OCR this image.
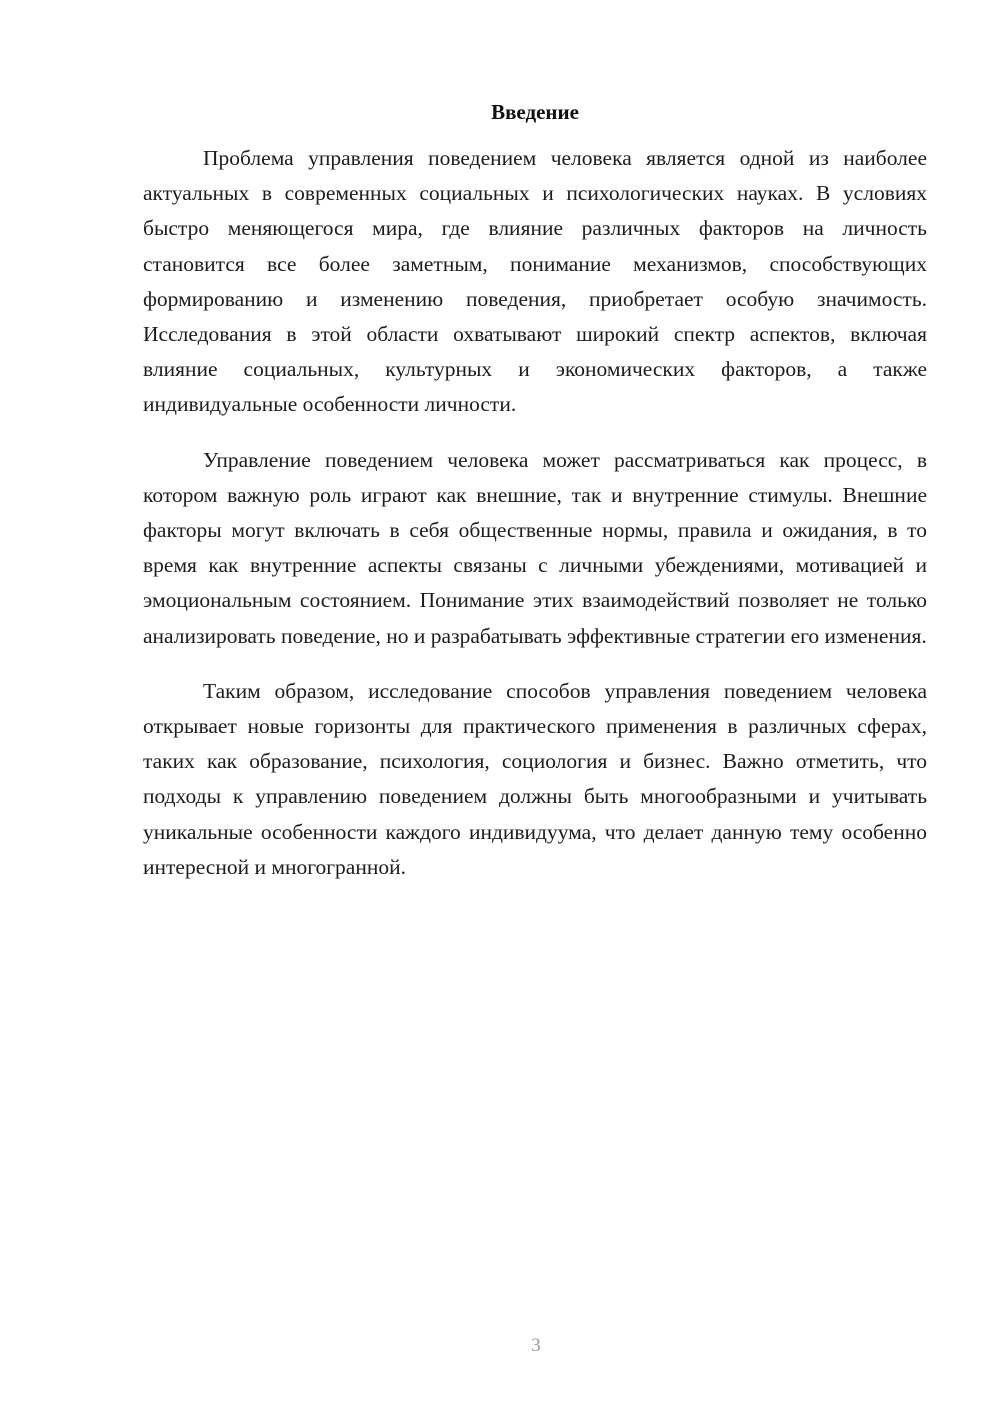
Введение

Проблема управления поведением человека является одной из наиболее актуальных в современных социальных и психологических науках. В условиях быстро меняющегося мира, где влияние различных факторов на личность становится все более заметным, понимание механизмов, способствующих формированию и изменению поведения, приобретает особую значимость. Исследования в этой области охватывают широкий спектр аспектов, включая влияние социальных, культурных и экономических факторов, а также индивидуальные особенности личности.

Управление поведением человека может рассматриваться как процесс, в котором важную роль играют как внешние, так и внутренние стимулы. Внешние факторы могут включать в себя общественные нормы, правила и ожидания, в то время как внутренние аспекты связаны с личными убеждениями, мотивацией и эмоциональным состоянием. Понимание этих взаимодействий позволяет не только анализировать поведение, но и разрабатывать эффективные стратегии его изменения.

Таким образом, исследование способов управления поведением человека открывает новые горизонты для практического применения в различных сферах, таких как образование, психология, социология и бизнес. Важно отметить, что подходы к управлению поведением должны быть многообразными и учитывать уникальные особенности каждого индивидуума, что делает данную тему особенно интересной и многогранной.

3
